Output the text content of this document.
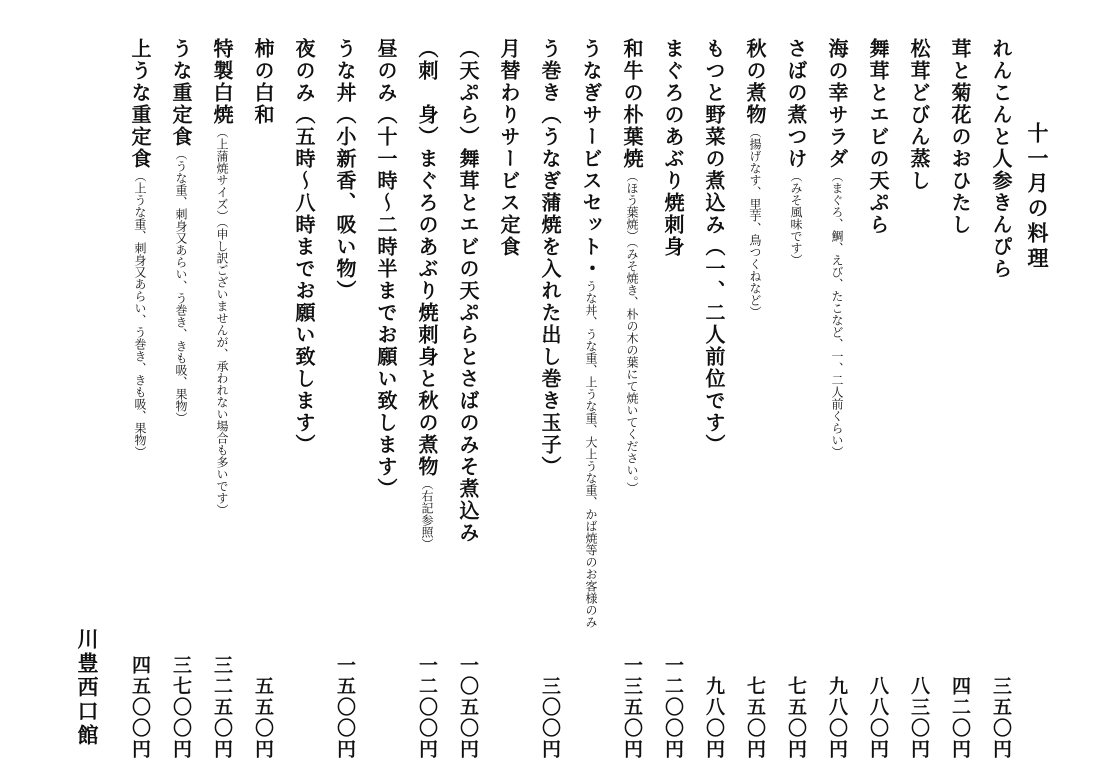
十一月の料理
れんこんと人参きんぴら
三五〇円
茸と菊花のおひたし
四二〇円
松茸どびん蒸し
八三〇円
舞茸とエビの天ぷら
八八〇円
海の幸サラダ（まぐろ、鯛、えび、たこなど、一、二人前くらい）
九八〇円
さばの煮つけ（みそ風味です）
七五〇円
秋の煮物（揚げなす、里芋、鳥つくねなど）
七五〇円
もつと野菜の煮込み（一、二人前位です）
九八〇円
まぐろのあぶり焼刺身
一二〇〇円
和牛の朴葉焼（ほう葉焼）（みそ焼き、朴の木の葉にて焼いてください。）
一三五〇円
うなぎサービスセット・うな丼、うな重、上うな重、大上うな重、かば焼等のお客様のみ
う巻き（うなぎ蒲焼を入れた出し巻き玉子）
三〇〇円
月替わりサービス定食
（天ぷら）舞茸とエビの天ぷらとさばのみそ煮込み
一〇五〇円
（刺　身）まぐろのあぶり焼刺身と秋の煮物（右記参照）
一二〇〇円
昼のみ（十一時～二時半までお願い致します）
うな丼（小新香、吸い物）
一五〇〇円
夜のみ（五時～八時までお願い致します）
柿の白和
五五〇円
特製白焼（上蒲焼サイズ）（申し訳ございませんが、承われない場合も多いです）
三二五〇円
うな重定食（うな重、刺身又あらい、う巻き、きも吸、果物）
三七〇〇円
上うな重定食（上うな重、刺身又あらい、う巻き、きも吸、果物）
四五〇〇円
川豊西口館
